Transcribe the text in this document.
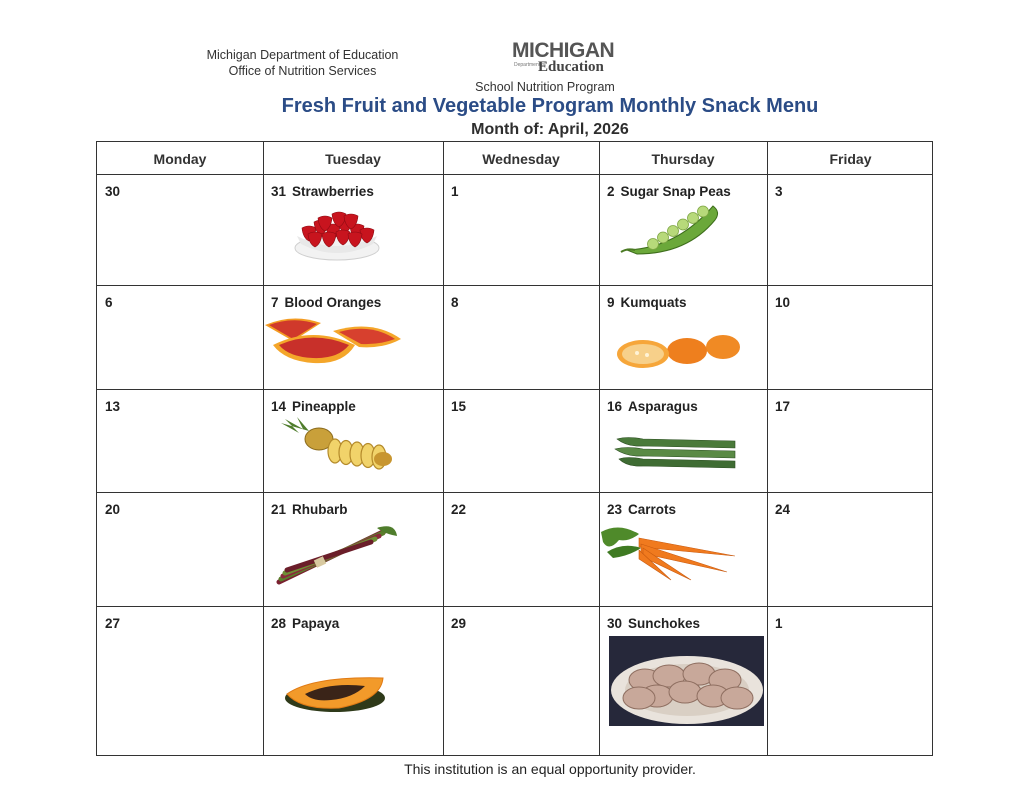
Michigan Department of Education
Office of Nutrition Services
MICHIGAN
Department of
Education
School Nutrition Program
Fresh Fruit and Vegetable Program Monthly Snack Menu
Month of: April, 2026
Monday	Tuesday	Wednesday	Thursday	Friday
30	31 Strawberries	1	2 Sugar Snap Peas	3
6	7 Blood Oranges	8	9 Kumquats	10
13	14 Pineapple	15	16 Asparagus	17
20	21 Rhubarb	22	23 Carrots	24
27	28 Papaya	29	30 Sunchokes	1
This institution is an equal opportunity provider.
